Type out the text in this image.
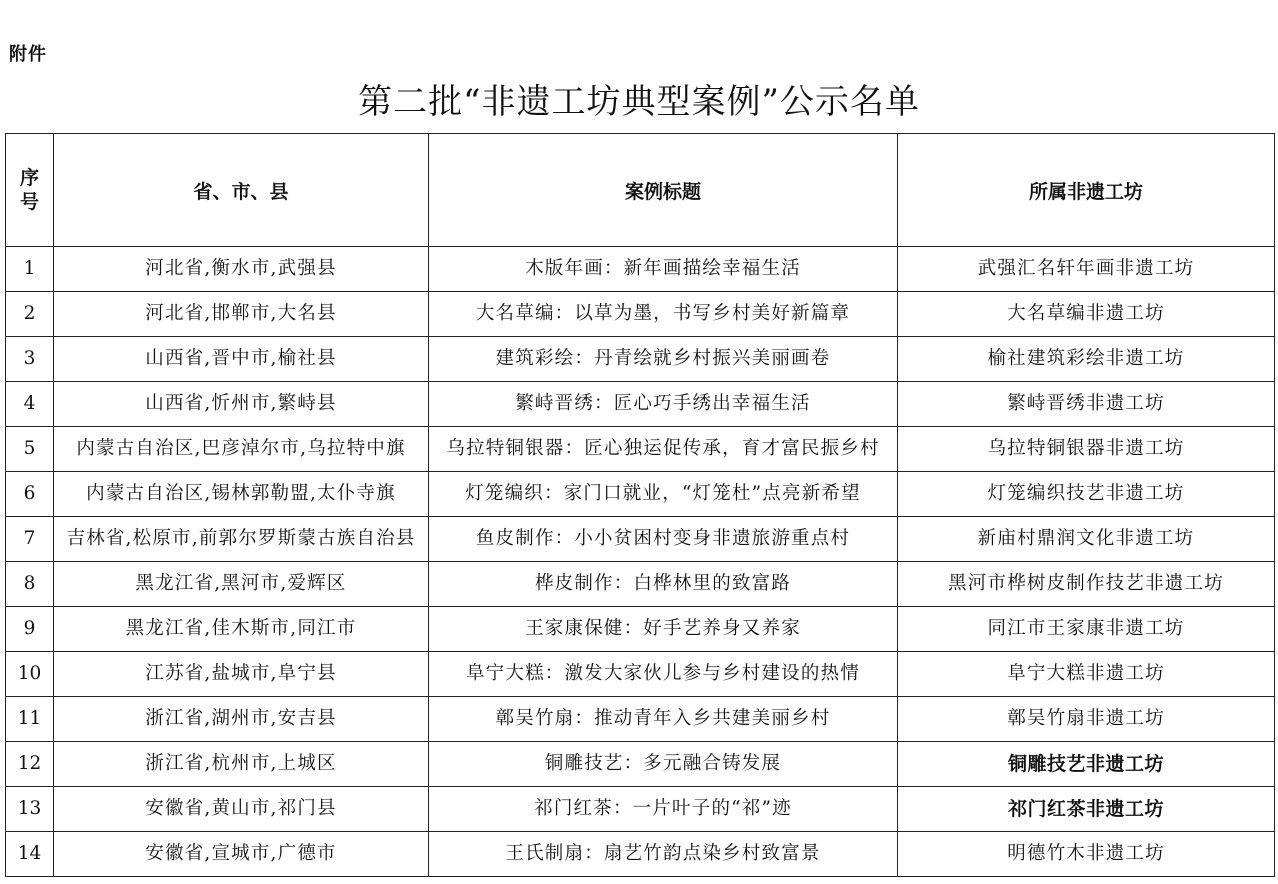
附件
第二批“非遗工坊典型案例”公示名单
序号	省、市、县	案例标题	所属非遗工坊

1	河北省,衡水市,武强县	木版年画：新年画描绘幸福生活	武强汇名轩年画非遗工坊

2	河北省,邯郸市,大名县	大名草编：以草为墨，书写乡村美好新篇章	大名草编非遗工坊

3	山西省,晋中市,榆社县	建筑彩绘：丹青绘就乡村振兴美丽画卷	榆社建筑彩绘非遗工坊

4	山西省,忻州市,繁峙县	繁峙晋绣：匠心巧手绣出幸福生活	繁峙晋绣非遗工坊

5	内蒙古自治区,巴彦淖尔市,乌拉特中旗	乌拉特铜银器：匠心独运促传承，育才富民振乡村	乌拉特铜银器非遗工坊

6	内蒙古自治区,锡林郭勒盟,太仆寺旗	灯笼编织：家门口就业，“灯笼杜”点亮新希望	灯笼编织技艺非遗工坊

7	吉林省,松原市,前郭尔罗斯蒙古族自治县	鱼皮制作：小小贫困村变身非遗旅游重点村	新庙村鼎润文化非遗工坊

8	黑龙江省,黑河市,爱辉区	桦皮制作：白桦林里的致富路	黑河市桦树皮制作技艺非遗工坊

9	黑龙江省,佳木斯市,同江市	王家康保健：好手艺养身又养家	同江市王家康非遗工坊

10	江苏省,盐城市,阜宁县	阜宁大糕：激发大家伙儿参与乡村建设的热情	阜宁大糕非遗工坊

11	浙江省,湖州市,安吉县	鄣吴竹扇：推动青年入乡共建美丽乡村	鄣吴竹扇非遗工坊

12	浙江省,杭州市,上城区	铜雕技艺：多元融合铸发展	铜雕技艺非遗工坊

13	安徽省,黄山市,祁门县	祁门红茶：一片叶子的“祁”迹	祁门红茶非遗工坊

14	安徽省,宣城市,广德市	王氏制扇：扇艺竹韵点染乡村致富景	明德竹木非遗工坊
